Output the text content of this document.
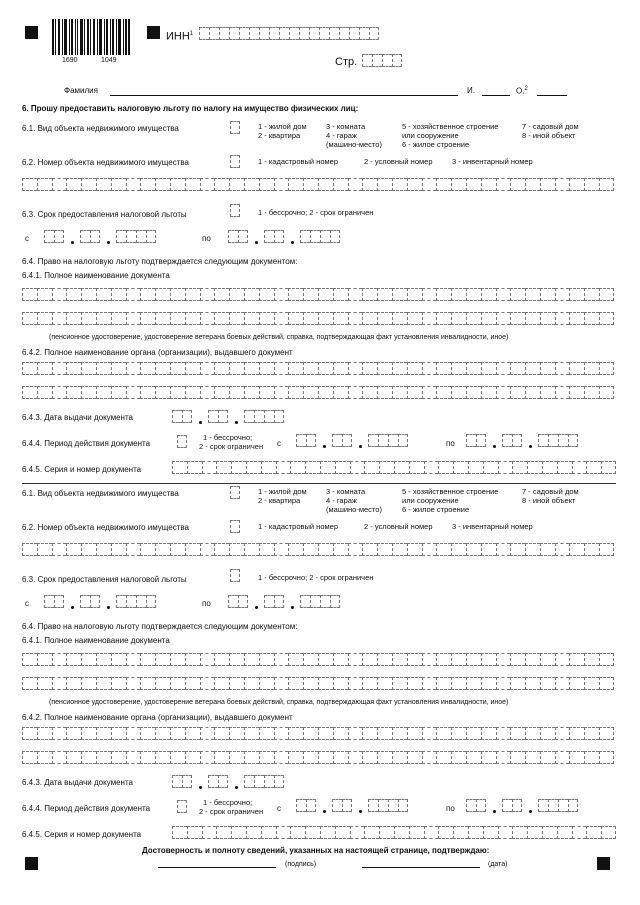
1690	1049
ИНН$^1$
Стр.
Фамилия	И.	О.$^2$
6. Прошу предоставить налоговую льготу по налогу на имущество физических лиц:
6.1. Вид объекта недвижимого имущества	1 - жилой дом
2 - квартира
3 - комната
4 - гараж
(машино-место)
5 - хозяйственное строение
или сооружение
6 - жилое строение
7 - садовый дом
8 - иной объект
6.2. Номер объекта недвижимого имущества	1 - кадастровый номер	2 - условный номер	3 - инвентарный номер
6.3. Срок предоставления налоговой льготы	1 - бессрочно; 2 - срок ограничен
с	по
6.4. Право на налоговую льготу подтверждается следующим документом:
6.4.1. Полное наименование документа
(пенсионное удостоверение, удостоверение ветерана боевых действий, справка, подтверждающая факт установления инвалидности, иное)
6.4.2. Полное наименование органа (организации), выдавшего документ
6.4.3. Дата выдачи документа
6.4.4. Период действия документа
1 - бессрочно;
2 - срок ограничен с	по
6.4.5. Серия и номер документа
6.1. Вид объекта недвижимого имущества	1 - жилой дом
2 - квартира
3 - комната
4 - гараж
(машино-место)
5 - хозяйственное строение
или сооружение
6 - жилое строение
7 - садовый дом
8 - иной объект
6.2. Номер объекта недвижимого имущества	1 - кадастровый номер	2 - условный номер	3 - инвентарный номер
6.3. Срок предоставления налоговой льготы	1 - бессрочно; 2 - срок ограничен
с	по
6.4. Право на налоговую льготу подтверждается следующим документом:
6.4.1. Полное наименование документа
(пенсионное удостоверение, удостоверение ветерана боевых действий, справка, подтверждающая факт установления инвалидности, иное)
6.4.2. Полное наименование органа (организации), выдавшего документ
6.4.3. Дата выдачи документа
6.4.4. Период действия документа
1 - бессрочно;
2 - срок ограничен с	по
6.4.5. Серия и номер документа
Достоверность и полноту сведений, указанных на настоящей странице, подтверждаю:
(подпись)	(дата)
